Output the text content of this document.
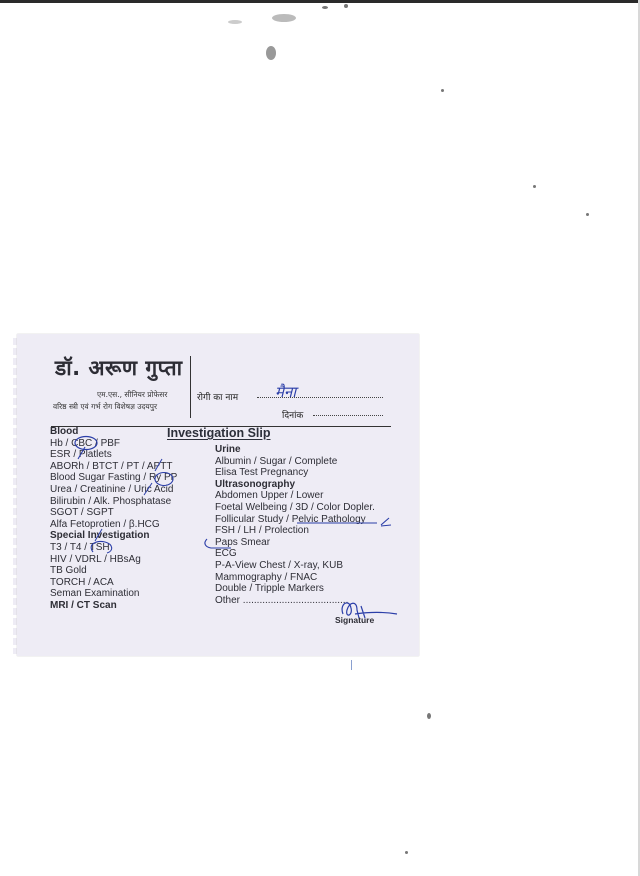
डॉ. अरूण गुप्ता
एम.एस., सीनियर प्रोफेसर
वरिष्ठ स्त्री एवं गर्भ रोग विशेषज्ञ उदयपुर
रोगी का नाम मैना
दिनांक
Investigation Slip
Blood
Hb / CBC / PBF
ESR / Platlets
ABORh / BTCT / PT / APTT
Blood Sugar Fasting / Ry PP
Urea / Creatinine / Uric Acid
Bilirubin / Alk. Phosphatase
SGOT / SGPT
Alfa Fetoprotien / β.HCG
Special Investigation
T3 / T4 / TSH
HIV / VDRL / HBsAg
TB Gold
TORCH / ACA
Seman Examination
MRI / CT Scan
Urine
Albumin / Sugar / Complete
Elisa Test Pregnancy
Ultrasonography
Abdomen Upper / Lower
Foetal Welbeing / 3D / Color Dopler.
Follicular Study / Pelvic Pathology
FSH / LH / Prolection
Paps Smear
ECG
P-A-View Chest / X-ray, KUB
Mammography / FNAC
Double / Tripple Markers
Other ......................................
Signature
